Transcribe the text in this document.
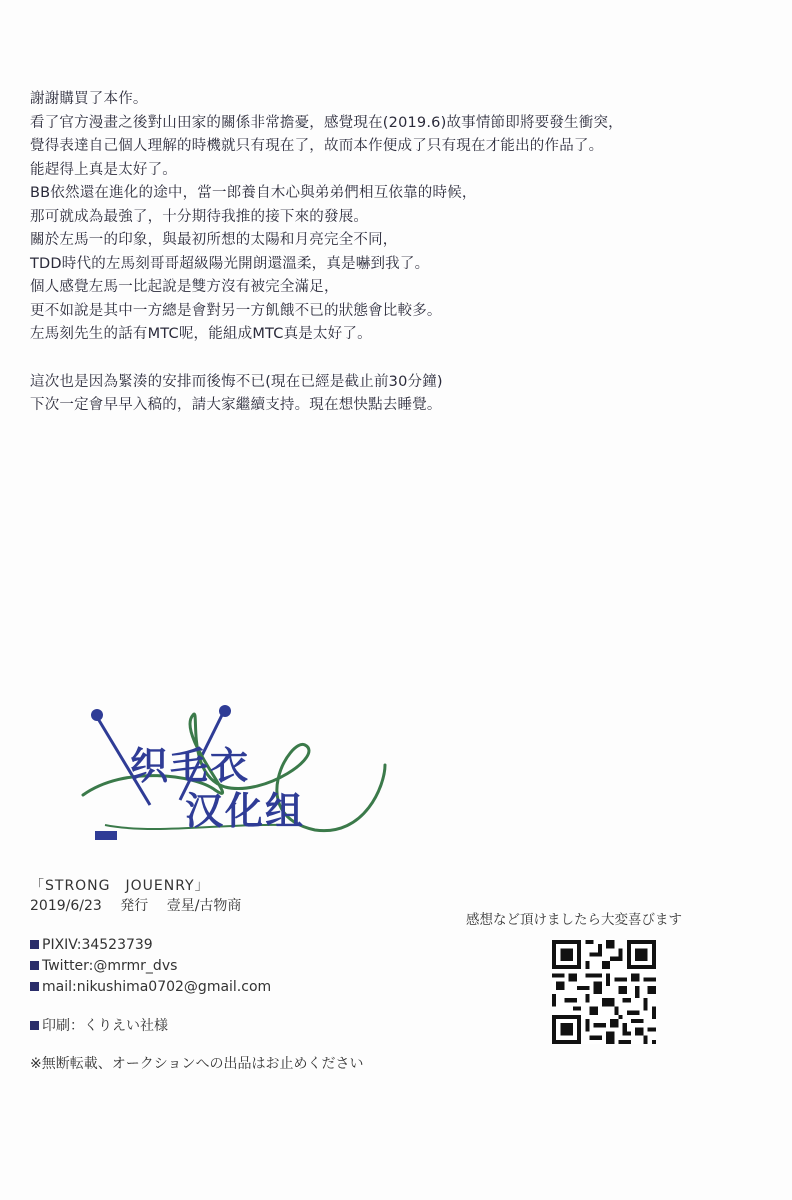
謝謝購買了本作。
看了官方漫畫之後對山田家的關係非常擔憂，感覺現在(2019.6)故事情節即將要發生衝突，
覺得表達自己個人理解的時機就只有現在了，故而本作便成了只有現在才能出的作品了。
能趕得上真是太好了。
BB依然還在進化的途中，當一郎養自木心與弟弟們相互依靠的時候，
那可就成為最強了，十分期待我推的接下來的發展。
關於左馬一的印象，與最初所想的太陽和月亮完全不同，
TDD時代的左馬刻哥哥超級陽光開朗還溫柔，真是嚇到我了。
個人感覺左馬一比起說是雙方沒有被完全滿足，
更不如說是其中一方總是會對另一方飢餓不已的狀態會比較多。
左馬刻先生的話有MTC呢，能組成MTC真是太好了。
這次也是因為緊湊的安排而後悔不已(現在已經是截止前30分鐘)
下次一定會早早入稿的，請大家繼續支持。現在想快點去睡覺。
织毛衣
汉化组
「STRONG　JOUENRY」
2019/6/23 発行 壹星/古物商
PIXIV:34523739
Twitter:@mrmr_dvs
mail:nikushima0702@gmail.com
印刷：くりえい社様
※無断転載、オークションへの出品はお止めください
感想など頂けましたら大変喜びます
